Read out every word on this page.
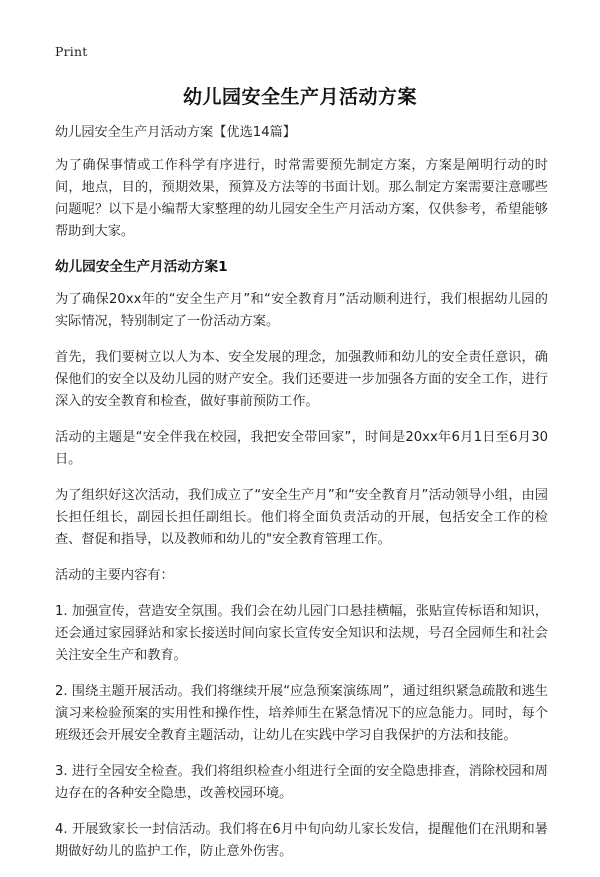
Print
幼儿园安全生产月活动方案
幼儿园安全生产月活动方案【优选14篇】

为了确保事情或工作科学有序进行，时常需要预先制定方案，方案是阐明行动的时间，地点，目的，预期效果，预算及方法等的书面计划。那么制定方案需要注意哪些问题呢？以下是小编帮大家整理的幼儿园安全生产月活动方案，仅供参考，希望能够帮助到大家。

幼儿园安全生产月活动方案1

为了确保20xx年的“安全生产月”和“安全教育月”活动顺利进行，我们根据幼儿园的实际情况，特别制定了一份活动方案。

首先，我们要树立以人为本、安全发展的理念，加强教师和幼儿的安全责任意识，确保他们的安全以及幼儿园的财产安全。我们还要进一步加强各方面的安全工作，进行深入的安全教育和检查，做好事前预防工作。

活动的主题是“安全伴我在校园，我把安全带回家”，时间是20xx年6月1日至6月30日。

为了组织好这次活动，我们成立了“安全生产月”和“安全教育月”活动领导小组，由园长担任组长，副园长担任副组长。他们将全面负责活动的开展，包括安全工作的检查、督促和指导，以及教师和幼儿的"安全教育管理工作。

活动的主要内容有：

1. 加强宣传，营造安全氛围。我们会在幼儿园门口悬挂横幅，张贴宣传标语和知识，还会通过家园驿站和家长接送时间向家长宣传安全知识和法规，号召全园师生和社会关注安全生产和教育。

2. 围绕主题开展活动。我们将继续开展“应急预案演练周”，通过组织紧急疏散和逃生演习来检验预案的实用性和操作性，培养师生在紧急情况下的应急能力。同时，每个班级还会开展安全教育主题活动，让幼儿在实践中学习自我保护的方法和技能。

3. 进行全园安全检查。我们将组织检查小组进行全面的安全隐患排查，消除校园和周边存在的各种安全隐患，改善校园环境。

4. 开展致家长一封信活动。我们将在6月中旬向幼儿家长发信，提醒他们在汛期和暑期做好幼儿的监护工作，防止意外伤害。
